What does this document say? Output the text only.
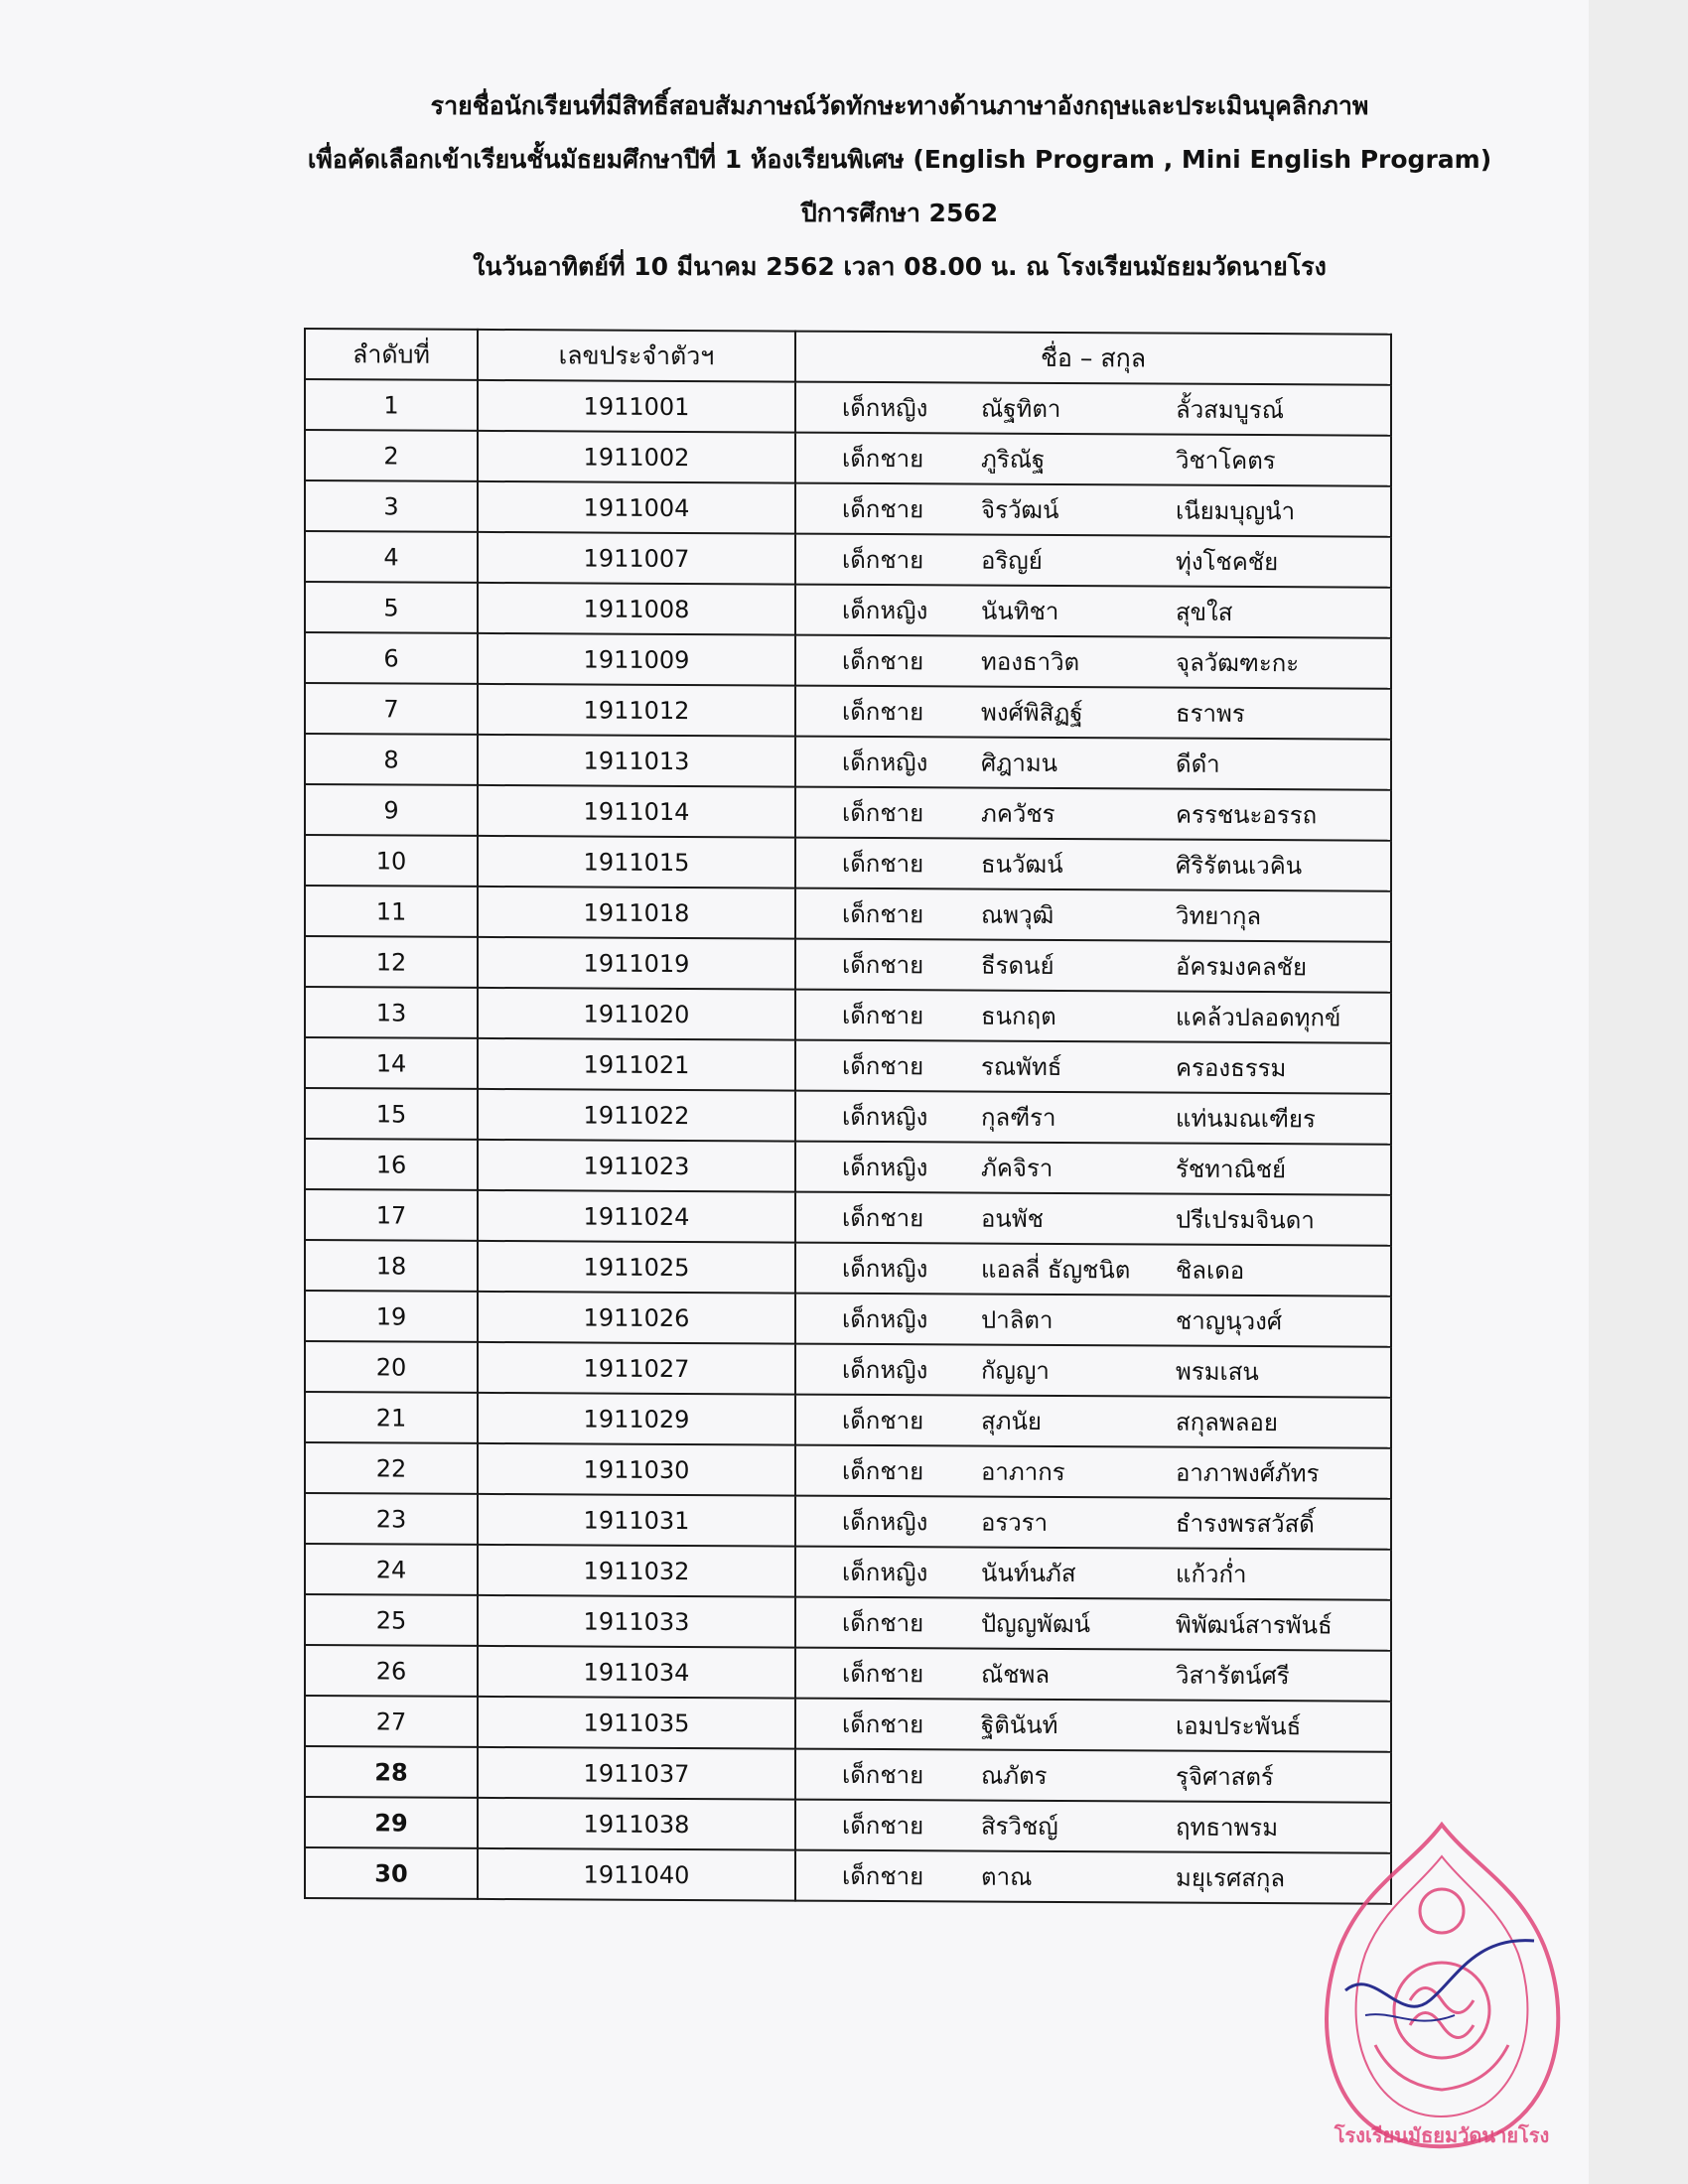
รายชื่อนักเรียนที่มีสิทธิ์สอบสัมภาษณ์วัดทักษะทางด้านภาษาอังกฤษและประเมินบุคลิกภาพ
เพื่อคัดเลือกเข้าเรียนชั้นมัธยมศึกษาปีที่ 1 ห้องเรียนพิเศษ (English Program , Mini English Program)
ปีการศึกษา 2562
ในวันอาทิตย์ที่ 10 มีนาคม 2562 เวลา 08.00 น. ณ โรงเรียนมัธยมวัดนายโรง
ลำดับที่	เลขประจำตัวฯ	ชื่อ – สกุล
1	1911001	เด็กหญิง ณัฐทิตา ลั้วสมบูรณ์

2	1911002	เด็กชาย ภูริณัฐ วิชาโคตร

3	1911004	เด็กชาย จิรวัฒน์ เนียมบุญนำ

4	1911007	เด็กชาย อริญย์ ทุ่งโชคชัย

5	1911008	เด็กหญิง นันทิชา สุขใส

6	1911009	เด็กชาย ทองธาวิต จุลวัฒฑะกะ

7	1911012	เด็กชาย พงศ์พิสิฏฐ์ ธราพร

8	1911013	เด็กหญิง ศิฎามน ดีดำ

9	1911014	เด็กชาย ภควัชร ครรชนะอรรถ

10	1911015	เด็กชาย ธนวัฒน์ ศิริรัตนเวคิน

11	1911018	เด็กชาย ณพวุฒิ วิทยากุล

12	1911019	เด็กชาย ธีรดนย์ อัครมงคลชัย

13	1911020	เด็กชาย ธนกฤต แคล้วปลอดทุกข์

14	1911021	เด็กชาย รณพัทธ์ ครองธรรม

15	1911022	เด็กหญิง กุลฑีรา แท่นมณเฑียร

16	1911023	เด็กหญิง ภัคจิรา รัชทาณิชย์

17	1911024	เด็กชาย อนพัช ปรีเปรมจินดา

18	1911025	เด็กหญิง แอลลี่ ธัญชนิต ชิลเดอ

19	1911026	เด็กหญิง ปาลิตา ชาญนุวงศ์

20	1911027	เด็กหญิง กัญญา พรมเสน

21	1911029	เด็กชาย สุภนัย สกุลพลอย

22	1911030	เด็กชาย อาภากร อาภาพงศ์ภัทร

23	1911031	เด็กหญิง อรวรา ธำรงพรสวัสดิ์

24	1911032	เด็กหญิง นันท์นภัส แก้วก่ำ

25	1911033	เด็กชาย ปัญญพัฒน์ พิพัฒน์สารพันธ์

26	1911034	เด็กชาย ณัชพล วิสารัตน์ศรี

27	1911035	เด็กชาย ฐิตินันท์ เอมประพันธ์

28	1911037	เด็กชาย ณภัตร รุจิศาสตร์

29	1911038	เด็กชาย สิรวิชญ์ ฤทธาพรม

30	1911040	เด็กชาย ตาณ มยุเรศสกุล
โรงเรียนมัธยมวัดนายโรง
